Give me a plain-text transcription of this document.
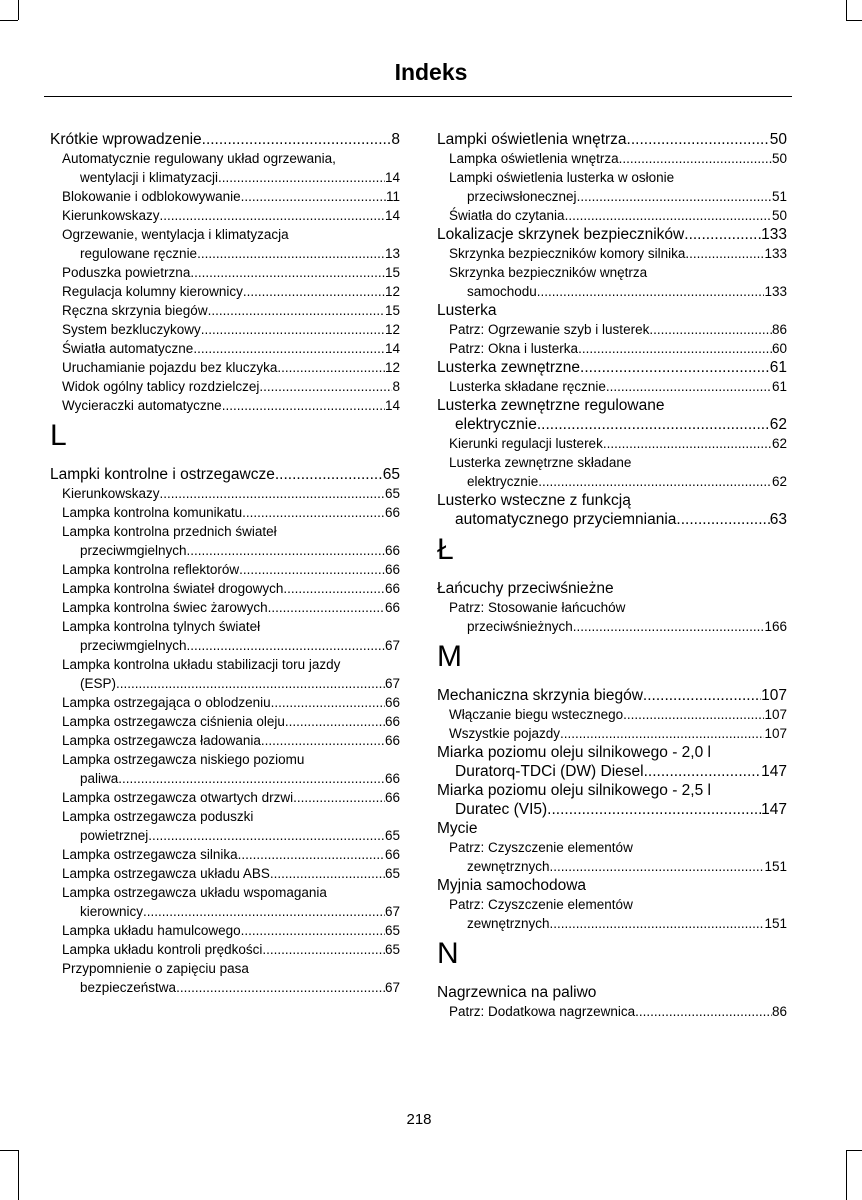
Indeks
Krótkie wprowadzenie .....	8
Automatycznie regulowany układ ogrzewania,
wentylacji i klimatyzacji .....	14
Blokowanie i odblokowywanie .....	11
Kierunkowskazy .....	14
Ogrzewanie, wentylacja i klimatyzacja
regulowane ręcznie .....	13
Poduszka powietrzna .....	15
Regulacja kolumny kierownicy .....	12
Ręczna skrzynia biegów .....	15
System bezkluczykowy .....	12
Światła automatyczne .....	14
Uruchamianie pojazdu bez kluczyka .....	12
Widok ogólny tablicy rozdzielczej .....	8
Wycieraczki automatyczne .....	14
L
Lampki kontrolne i ostrzegawcze .....	65
Kierunkowskazy .....	65
Lampka kontrolna komunikatu .....	66
Lampka kontrolna przednich świateł
przeciwmgielnych .....	66
Lampka kontrolna reflektorów .....	66
Lampka kontrolna świateł drogowych .....	66
Lampka kontrolna świec żarowych .....	66
Lampka kontrolna tylnych świateł
przeciwmgielnych .....	67
Lampka kontrolna układu stabilizacji toru jazdy
(ESP) .....	67
Lampka ostrzegająca o oblodzeniu .....	66
Lampka ostrzegawcza ciśnienia oleju .....	66
Lampka ostrzegawcza ładowania .....	66
Lampka ostrzegawcza niskiego poziomu
paliwa .....	66
Lampka ostrzegawcza otwartych drzwi .....	66
Lampka ostrzegawcza poduszki
powietrznej .....	65
Lampka ostrzegawcza silnika .....	66
Lampka ostrzegawcza układu ABS .....	65
Lampka ostrzegawcza układu wspomagania
kierownicy .....	67
Lampka układu hamulcowego .....	65
Lampka układu kontroli prędkości .....	65
Przypomnienie o zapięciu pasa
bezpieczeństwa .....	67
Lampki oświetlenia wnętrza .....	50
Lampka oświetlenia wnętrza .....	50
Lampki oświetlenia lusterka w osłonie
przeciwsłonecznej .....	51
Światła do czytania .....	50
Lokalizacje skrzynek bezpieczników .....	133
Skrzynka bezpieczników komory silnika .....	133
Skrzynka bezpieczników wnętrza
samochodu .....	133
Lusterka
Patrz: Ogrzewanie szyb i lusterek .....	86
Patrz: Okna i lusterka .....	60
Lusterka zewnętrzne .....	61
Lusterka składane ręcznie .....	61
Lusterka zewnętrzne regulowane
elektrycznie .....	62
Kierunki regulacji lusterek .....	62
Lusterka zewnętrzne składane
elektrycznie .....	62
Lusterko wsteczne z funkcją
automatycznego przyciemniania .....	63
Ł
Łańcuchy przeciwśnieżne
Patrz: Stosowanie łańcuchów
przeciwśnieżnych .....	166
M
Mechaniczna skrzynia biegów .....	107
Włączanie biegu wstecznego .....	107
Wszystkie pojazdy .....	107
Miarka poziomu oleju silnikowego - 2,0 l
Duratorq-TDCi (DW) Diesel .....	147
Miarka poziomu oleju silnikowego - 2,5 l
Duratec (VI5) .....	147
Mycie
Patrz: Czyszczenie elementów
zewnętrznych .....	151
Myjnia samochodowa
Patrz: Czyszczenie elementów
zewnętrznych .....	151
N
Nagrzewnica na paliwo
Patrz: Dodatkowa nagrzewnica .....	86
218
